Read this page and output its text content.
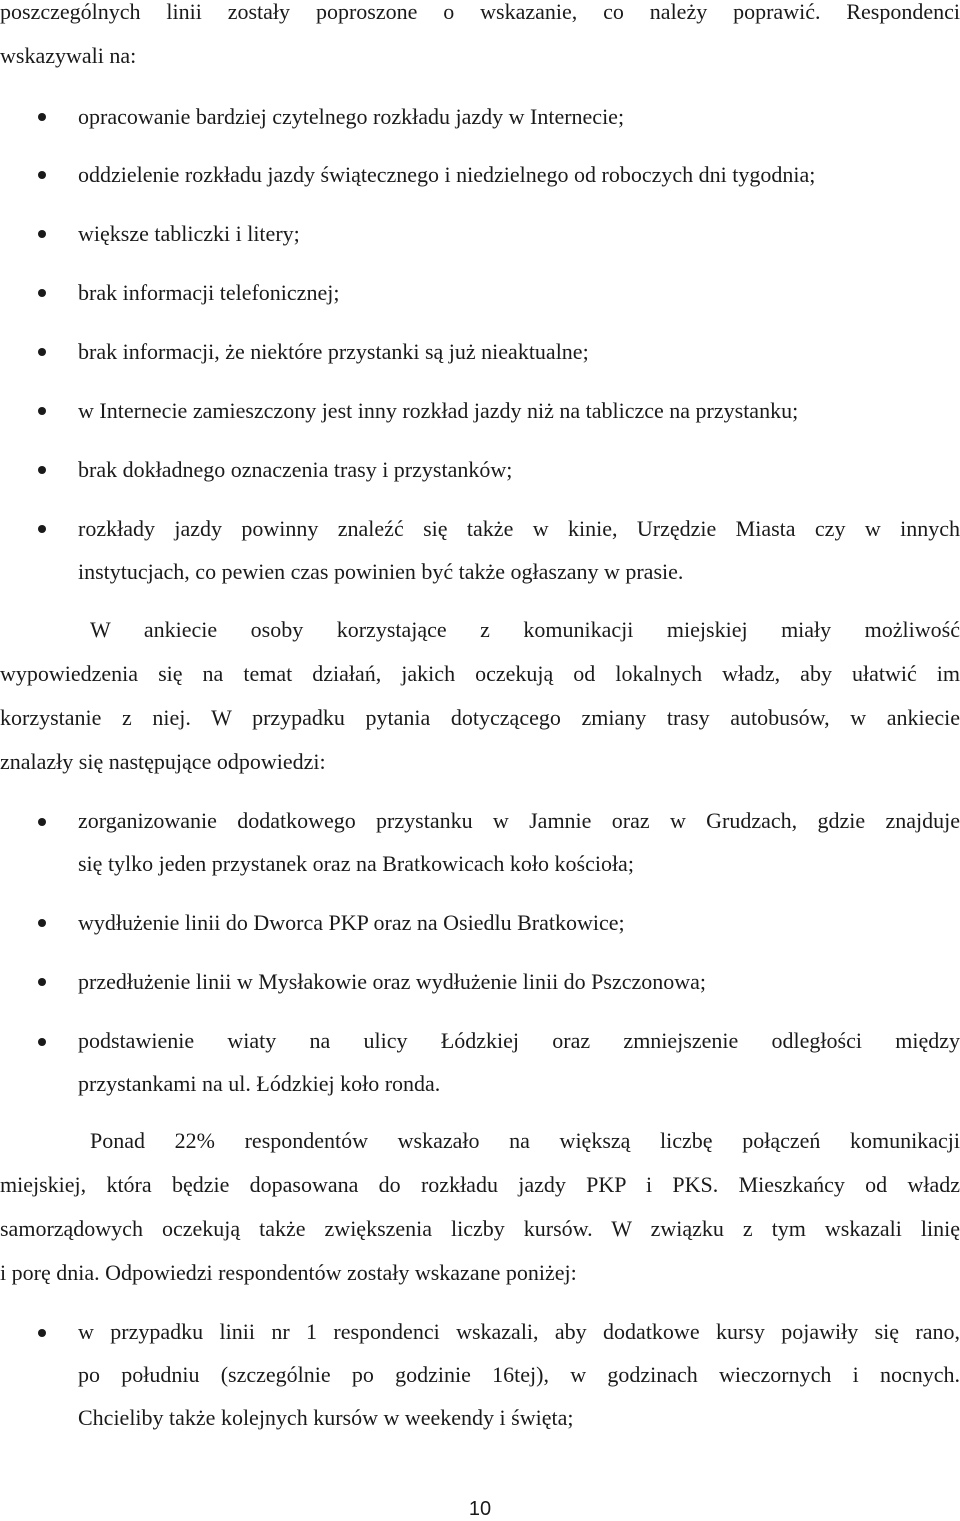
poszczególnych linii zostały poproszone o wskazanie, co należy poprawić. Respondenci
wskazywali na:
opracowanie bardziej czytelnego rozkładu jazdy w Internecie;
oddzielenie rozkładu jazdy świątecznego i niedzielnego od roboczych dni tygodnia;
większe tabliczki i litery;
brak informacji telefonicznej;
brak informacji, że niektóre przystanki są już nieaktualne;
w Internecie zamieszczony jest inny rozkład jazdy niż na tabliczce na przystanku;
brak dokładnego oznaczenia trasy i przystanków;
rozkłady jazdy powinny znaleźć się także w kinie, Urzędzie Miasta czy w innych
instytucjach, co pewien czas powinien być także ogłaszany w prasie.
W ankiecie osoby korzystające z komunikacji miejskiej miały możliwość
wypowiedzenia się na temat działań, jakich oczekują od lokalnych władz, aby ułatwić im
korzystanie z niej. W przypadku pytania dotyczącego zmiany trasy autobusów, w ankiecie
znalazły się następujące odpowiedzi:
zorganizowanie dodatkowego przystanku w Jamnie oraz w Grudzach, gdzie znajduje
się tylko jeden przystanek oraz na Bratkowicach koło kościoła;
wydłużenie linii do Dworca PKP oraz na Osiedlu Bratkowice;
przedłużenie linii w Mysłakowie oraz wydłużenie linii do Pszczonowa;
podstawienie wiaty na ulicy Łódzkiej oraz zmniejszenie odległości między
przystankami na ul. Łódzkiej koło ronda.
Ponad 22% respondentów wskazało na większą liczbę połączeń komunikacji
miejskiej, która będzie dopasowana do rozkładu jazdy PKP i PKS. Mieszkańcy od władz
samorządowych oczekują także zwiększenia liczby kursów. W związku z tym wskazali linię
i porę dnia. Odpowiedzi respondentów zostały wskazane poniżej:
w przypadku linii nr 1 respondenci wskazali, aby dodatkowe kursy pojawiły się rano,
po południu (szczególnie po godzinie 16tej), w godzinach wieczornych i nocnych.
Chcieliby także kolejnych kursów w weekendy i święta;
10
